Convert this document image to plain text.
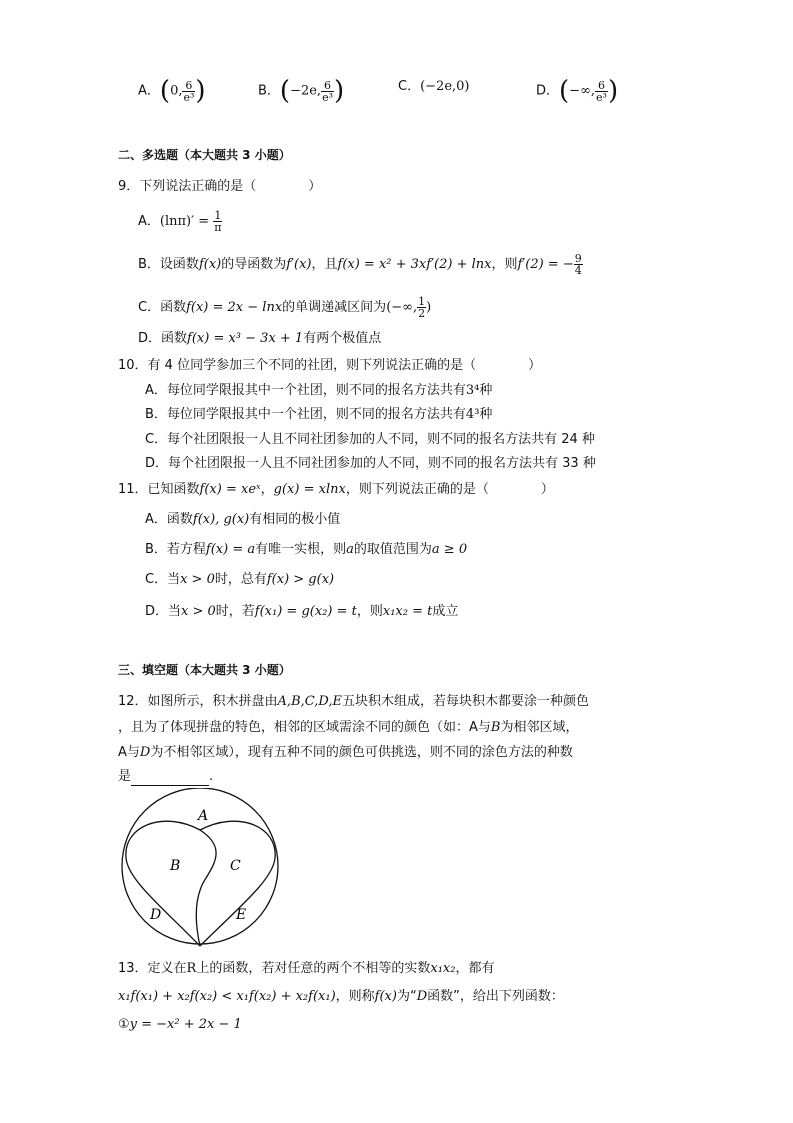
A．(0, $\frac{6}{\text{e³}}$ )	B．(−2e, $\frac{6}{\text{e³}}$ )	C．(−2e,0)	D．(−∞, $\frac{6}{\text{e³}}$ )
二、多选题（本大题共 3 小题）
9．下列说法正确的是（　　　　）
A．$(\ln\pi)' = \frac{1}{\pi}$
B．设函数f(x)的导函数为f′(x)，且f(x) = x² + 3xf′(2) + lnx，则f′(2) = − $\frac{9}{4}$
C．函数f(x) = 2x − lnx的单调递减区间为(−∞, $\frac{1}{2}$ )
D．函数f(x) = x³ − 3x + 1有两个极值点
10．有 4 位同学参加三个不同的社团，则下列说法正确的是（　　　　）
A．每位同学限报其中一个社团，则不同的报名方法共有3⁴种
B．每位同学限报其中一个社团，则不同的报名方法共有4³种
C．每个社团限报一人且不同社团参加的人不同，则不同的报名方法共有 24 种
D．每个社团限报一人且不同社团参加的人不同，则不同的报名方法共有 33 种
11．已知函数f(x) = xeˣ，g(x) = xlnx，则下列说法正确的是（　　　　）
A．函数f(x), g(x)有相同的极小值
B．若方程f(x) = a有唯一实根，则a的取值范围为a ≥ 0
C．当x > 0时，总有f(x) > g(x)
D．当x > 0时，若f(x₁) = g(x₂) = t，则x₁x₂ = t成立
三、填空题（本大题共 3 小题）
12．如图所示，积木拼盘由A,B,C,D,E五块积木组成，若每块积木都要涂一种颜色
，且为了体现拼盘的特色，相邻的区域需涂不同的颜色（如：A与B为相邻区域，
A与D为不相邻区域），现有五种不同的颜色可供挑选，则不同的涂色方法的种数
是	.
A
B	C
D	E
13．定义在R上的函数，若对任意的两个不相等的实数x₁x₂，都有
x₁f(x₁) + x₂f(x₂) < x₁f(x₂) + x₂f(x₁)，则称f(x)为“D函数”，给出下列函数：
①y = −x² + 2x − 1
